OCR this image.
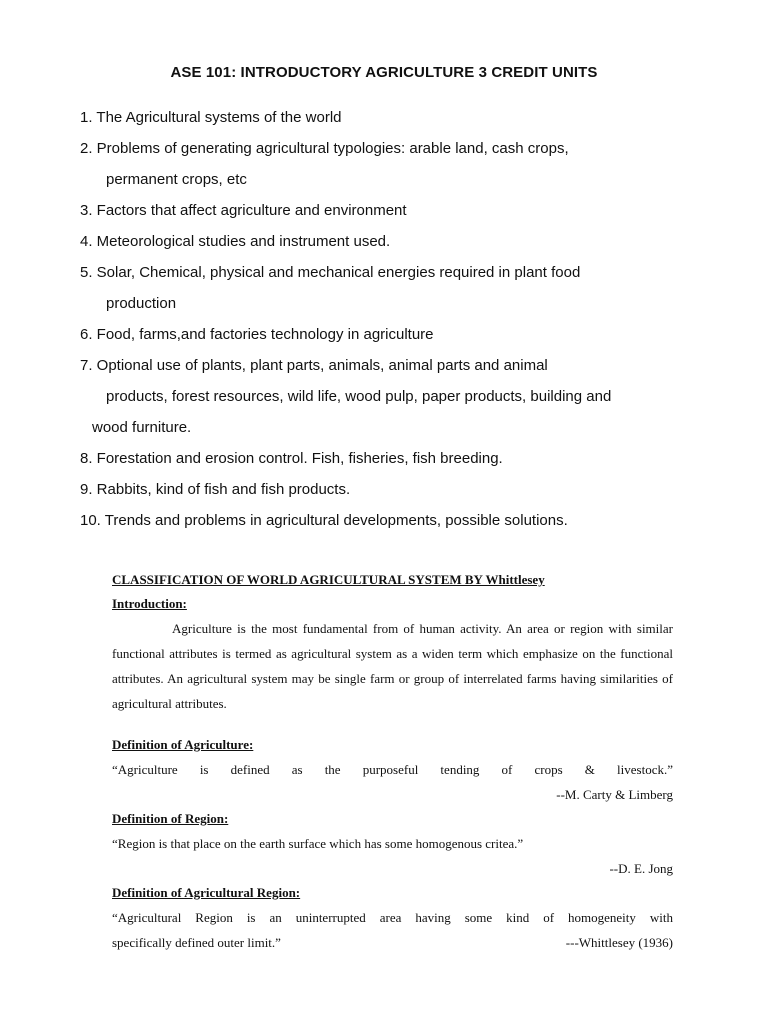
ASE 101: INTRODUCTORY AGRICULTURE 3 CREDIT UNITS
1. The Agricultural systems of the world
2. Problems of generating agricultural typologies: arable land, cash crops,
permanent crops, etc
3. Factors that affect agriculture and environment
4. Meteorological studies and instrument used.
5. Solar, Chemical, physical and mechanical energies required in plant food
production
6. Food, farms,and factories technology in agriculture
7. Optional use of plants, plant parts, animals, animal parts and animal
products, forest resources, wild life, wood pulp, paper products, building and
wood furniture.
8. Forestation and erosion control. Fish, fisheries, fish breeding.
9. Rabbits, kind of fish and fish products.
10. Trends and problems in agricultural developments, possible solutions.
CLASSIFICATION OF WORLD AGRICULTURAL SYSTEM BY Whittlesey
Introduction:
Agriculture is the most fundamental from of human activity. An area or region with similar functional attributes is termed as agricultural system as a widen term which emphasize on the functional attributes. An agricultural system may be single farm or group of interrelated farms having similarities of agricultural attributes.
Definition of Agriculture:
“Agriculture is defined as the purposeful tending of crops & livestock.”
--M. Carty & Limberg
Definition of Region:
“Region is that place on the earth surface which has some homogenous critea.”
--D. E. Jong
Definition of Agricultural Region:
“Agricultural Region is an uninterrupted area having some kind of homogeneity with
specifically defined outer limit.”	---Whittlesey (1936)
